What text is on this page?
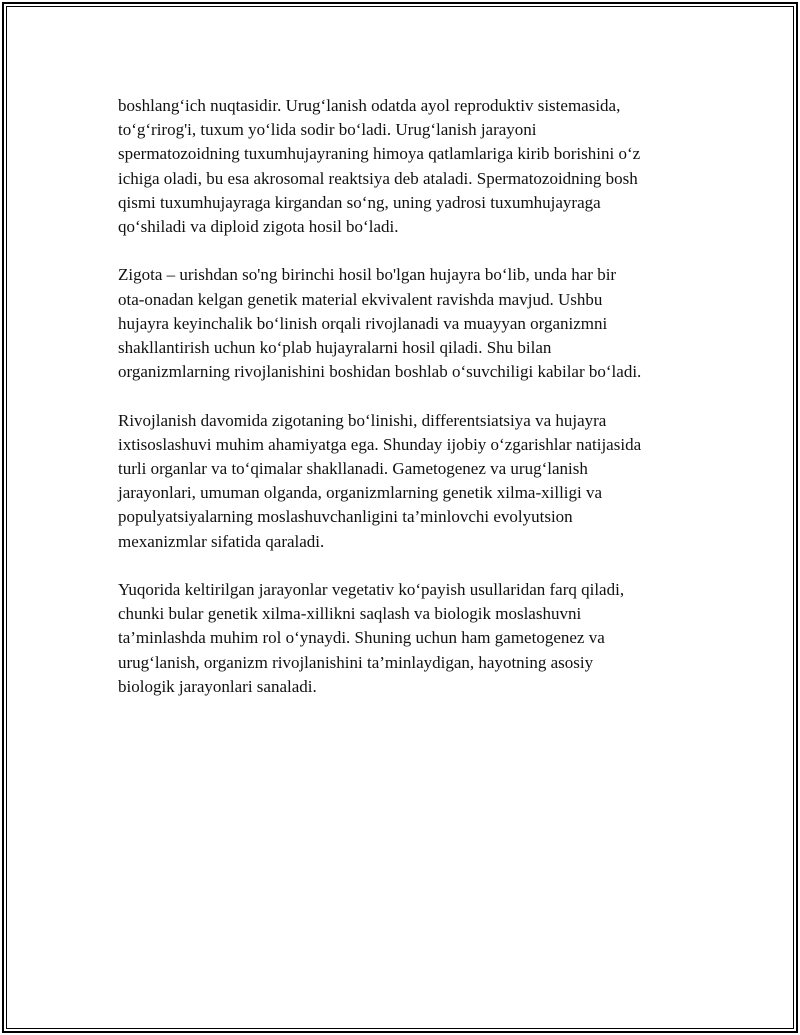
boshlang‘ich nuqtasidir. Urug‘lanish odatda ayol reproduktiv sistemasida,
to‘g‘rirog'i, tuxum yo‘lida sodir bo‘ladi. Urug‘lanish jarayoni
spermatozoidning tuxumhujayraning himoya qatlamlariga kirib borishini o‘z
ichiga oladi, bu esa akrosomal reaktsiya deb ataladi. Spermatozoidning bosh
qismi tuxumhujayraga kirgandan so‘ng, uning yadrosi tuxumhujayraga
qo‘shiladi va diploid zigota hosil bo‘ladi.

Zigota – urishdan so'ng birinchi hosil bo'lgan hujayra bo‘lib, unda har bir
ota-onadan kelgan genetik material ekvivalent ravishda mavjud. Ushbu
hujayra keyinchalik bo‘linish orqali rivojlanadi va muayyan organizmni
shakllantirish uchun ko‘plab hujayralarni hosil qiladi. Shu bilan
organizmlarning rivojlanishini boshidan boshlab o‘suvchiligi kabilar bo‘ladi.

Rivojlanish davomida zigotaning bo‘linishi, differentsiatsiya va hujayra
ixtisoslashuvi muhim ahamiyatga ega. Shunday ijobiy o‘zgarishlar natijasida
turli organlar va to‘qimalar shakllanadi. Gametogenez va urug‘lanish
jarayonlari, umuman olganda, organizmlarning genetik xilma-xilligi va
populyatsiyalarning moslashuvchanligini ta’minlovchi evolyutsion
mexanizmlar sifatida qaraladi.

Yuqorida keltirilgan jarayonlar vegetativ ko‘payish usullaridan farq qiladi,
chunki bular genetik xilma-xillikni saqlash va biologik moslashuvni
ta’minlashda muhim rol o‘ynaydi. Shuning uchun ham gametogenez va
urug‘lanish, organizm rivojlanishini ta’minlaydigan, hayotning asosiy
biologik jarayonlari sanaladi.
